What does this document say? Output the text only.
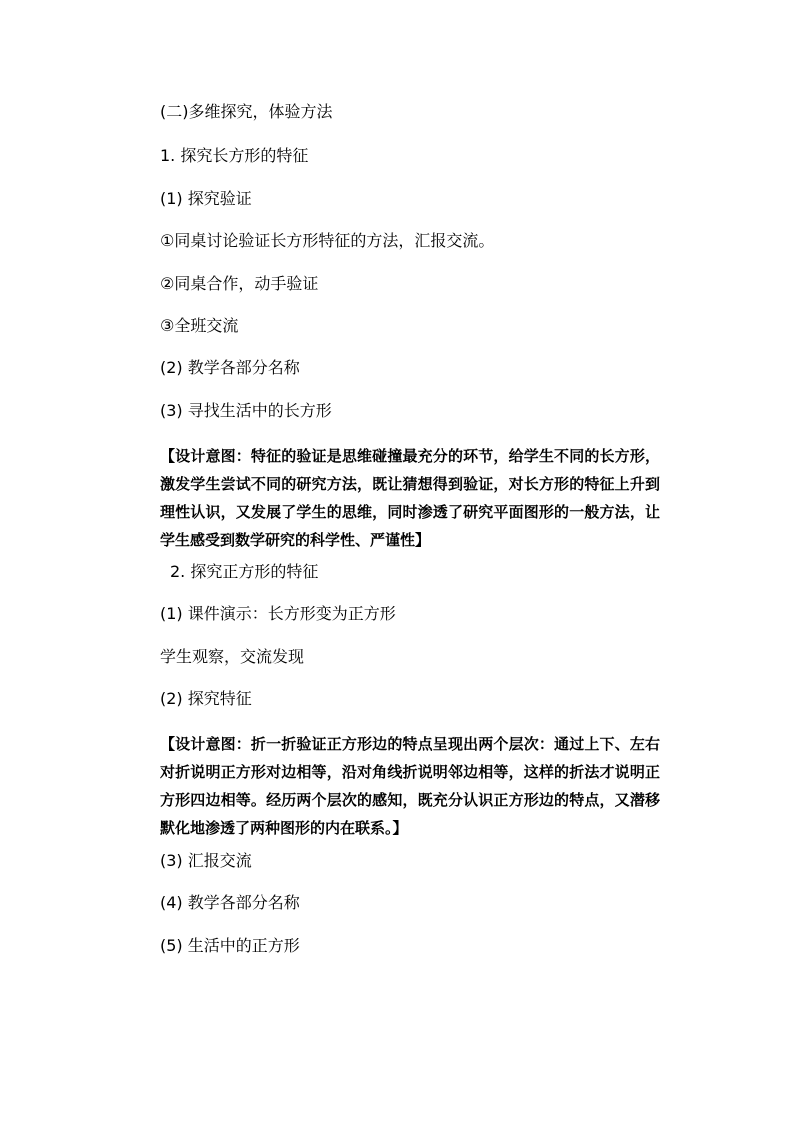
(二)多维探究，体验方法
1. 探究长方形的特征
(1) 探究验证
①同桌讨论验证长方形特征的方法，汇报交流。
②同桌合作，动手验证
③全班交流
(2) 教学各部分名称
(3) 寻找生活中的长方形
【设计意图：特征的验证是思维碰撞最充分的环节，给学生不同的长方形，激发学生尝试不同的研究方法，既让猜想得到验证，对长方形的特征上升到理性认识，又发展了学生的思维，同时渗透了研究平面图形的一般方法，让学生感受到数学研究的科学性、严谨性】
2. 探究正方形的特征
(1) 课件演示：长方形变为正方形
学生观察，交流发现
(2) 探究特征
【设计意图：折一折验证正方形边的特点呈现出两个层次：通过上下、左右对折说明正方形对边相等，沿对角线折说明邻边相等，这样的折法才说明正方形四边相等。经历两个层次的感知，既充分认识正方形边的特点，又潜移默化地渗透了两种图形的内在联系。】
(3) 汇报交流
(4) 教学各部分名称
(5) 生活中的正方形
